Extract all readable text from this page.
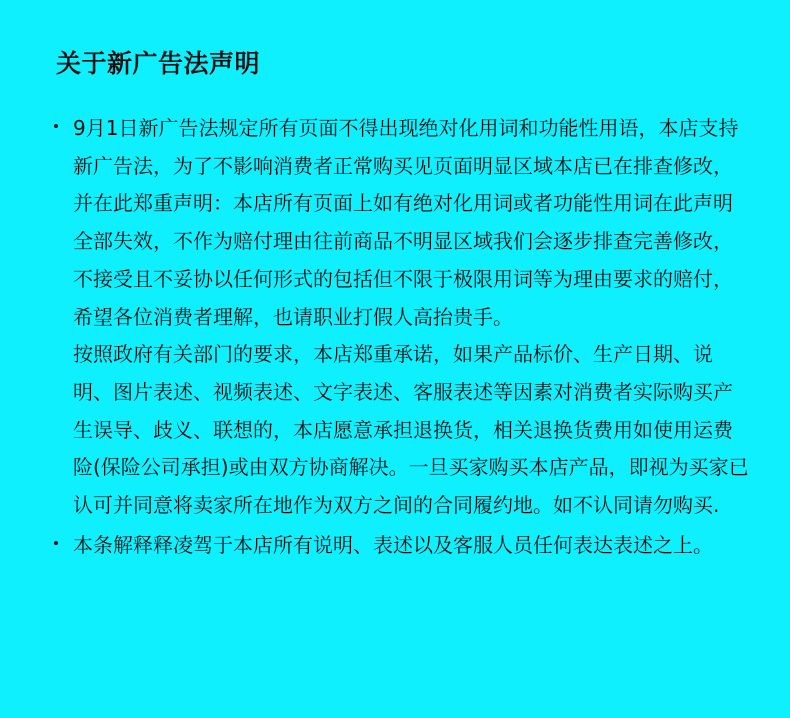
关于新广告法声明

9月1日新广告法规定所有页面不得出现绝对化用词和功能性用语，本店支持新广告法，为了不影响消费者正常购买见页面明显区域本店已在排查修改，并在此郑重声明：本店所有页面上如有绝对化用词或者功能性用词在此声明全部失效，不作为赔付理由往前商品不明显区域我们会逐步排查完善修改，不接受且不妥协以任何形式的包括但不限于极限用词等为理由要求的赔付，希望各位消费者理解，也请职业打假人高抬贵手。

按照政府有关部门的要求，本店郑重承诺，如果产品标价、生产日期、说明、图片表述、视频表述、文字表述、客服表述等因素对消费者实际购买产生误导、歧义、联想的，本店愿意承担退换货，相关退换货费用如使用运费险(保险公司承担)或由双方协商解决。一旦买家购买本店产品，即视为买家已认可并同意将卖家所在地作为双方之间的合同履约地。如不认同请勿购买.

本条解释释凌驾于本店所有说明、表述以及客服人员任何表达表述之上。
